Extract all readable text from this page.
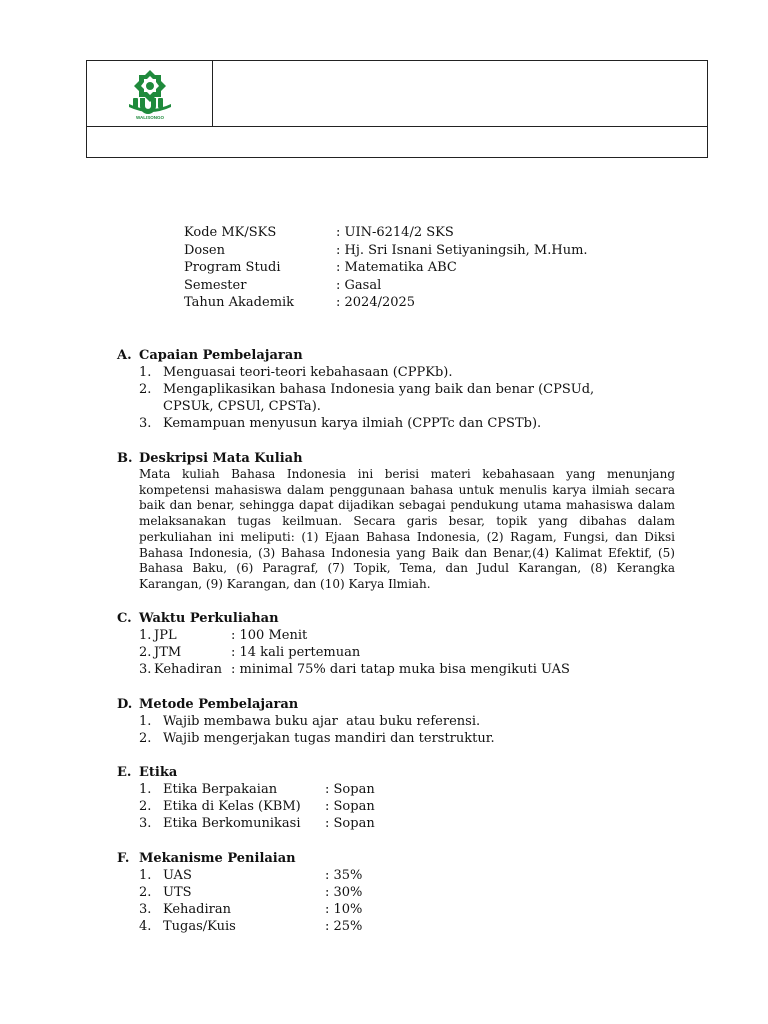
WALISONGO
Kode MK/SKS	: UIN-6214/2 SKS
Dosen	: Hj. Sri Isnani Setiyaningsih, M.Hum.
Program Studi	: Matematika ABC
Semester	: Gasal
Tahun Akademik	: 2024/2025
A. Capaian Pembelajaran
1. Menguasai teori-teori kebahasaan (CPPKb).
2. Mengaplikasikan bahasa Indonesia yang baik dan benar (CPSUd, CPSUk, CPSUl, CPSTa).
3. Kemampuan menyusun karya ilmiah (CPPTc dan CPSTb).
B. Deskripsi Mata Kuliah
Mata kuliah Bahasa Indonesia ini berisi materi kebahasaan yang menunjang kompetensi mahasiswa dalam penggunaan bahasa untuk menulis karya ilmiah secara baik dan benar, sehingga dapat dijadikan sebagai pendukung utama mahasiswa dalam melaksanakan tugas keilmuan. Secara garis besar, topik yang dibahas dalam perkuliahan ini meliputi: (1) Ejaan Bahasa Indonesia, (2) Ragam, Fungsi, dan Diksi Bahasa Indonesia, (3) Bahasa Indonesia yang Baik dan Benar,(4) Kalimat Efektif, (5) Bahasa Baku, (6) Paragraf, (7) Topik, Tema, dan Judul Karangan, (8) Kerangka Karangan, (9) Karangan, dan (10) Karya Ilmiah.
C. Waktu Perkuliahan
1. JPL	: 100 Menit
2. JTM	: 14 kali pertemuan
3. Kehadiran : minimal 75% dari tatap muka bisa mengikuti UAS
D. Metode Pembelajaran
1. Wajib membawa buku ajar  atau buku referensi.
2. Wajib mengerjakan tugas mandiri dan terstruktur.
E. Etika
1. Etika Berpakaian	: Sopan
2. Etika di Kelas (KBM) : Sopan
3. Etika Berkomunikasi : Sopan
F. Mekanisme Penilaian
1. UAS	: 35%
2. UTS	: 30%
3. Kehadiran	: 10%
4. Tugas/Kuis	: 25%
